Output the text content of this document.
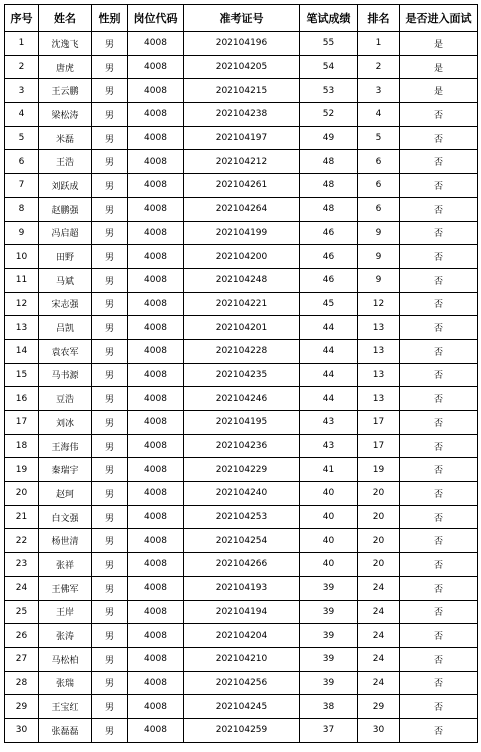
序号	姓名	性别	岗位代码	准考证号	笔试成绩	排名	是否进入面试
1	沈逸飞	男	4008	202104196	55	1	是
2	唐虎	男	4008	202104205	54	2	是
3	王云鹏	男	4008	202104215	53	3	是
4	梁松涛	男	4008	202104238	52	4	否
5	米磊	男	4008	202104197	49	5	否
6	王浩	男	4008	202104212	48	6	否
7	刘跃成	男	4008	202104261	48	6	否
8	赵鹏强	男	4008	202104264	48	6	否
9	冯启超	男	4008	202104199	46	9	否
10	田野	男	4008	202104200	46	9	否
11	马斌	男	4008	202104248	46	9	否
12	宋志强	男	4008	202104221	45	12	否
13	吕凯	男	4008	202104201	44	13	否
14	袁农军	男	4008	202104228	44	13	否
15	马书源	男	4008	202104235	44	13	否
16	豆浩	男	4008	202104246	44	13	否
17	刘冰	男	4008	202104195	43	17	否
18	王海伟	男	4008	202104236	43	17	否
19	秦瑞宇	男	4008	202104229	41	19	否
20	赵珂	男	4008	202104240	40	20	否
21	白文强	男	4008	202104253	40	20	否
22	杨世清	男	4008	202104254	40	20	否
23	张祥	男	4008	202104266	40	20	否
24	王佛军	男	4008	202104193	39	24	否
25	王岸	男	4008	202104194	39	24	否
26	张涛	男	4008	202104204	39	24	否
27	马松柏	男	4008	202104210	39	24	否
28	张瑞	男	4008	202104256	39	24	否
29	王宝红	男	4008	202104245	38	29	否
30	张磊磊	男	4008	202104259	37	30	否
